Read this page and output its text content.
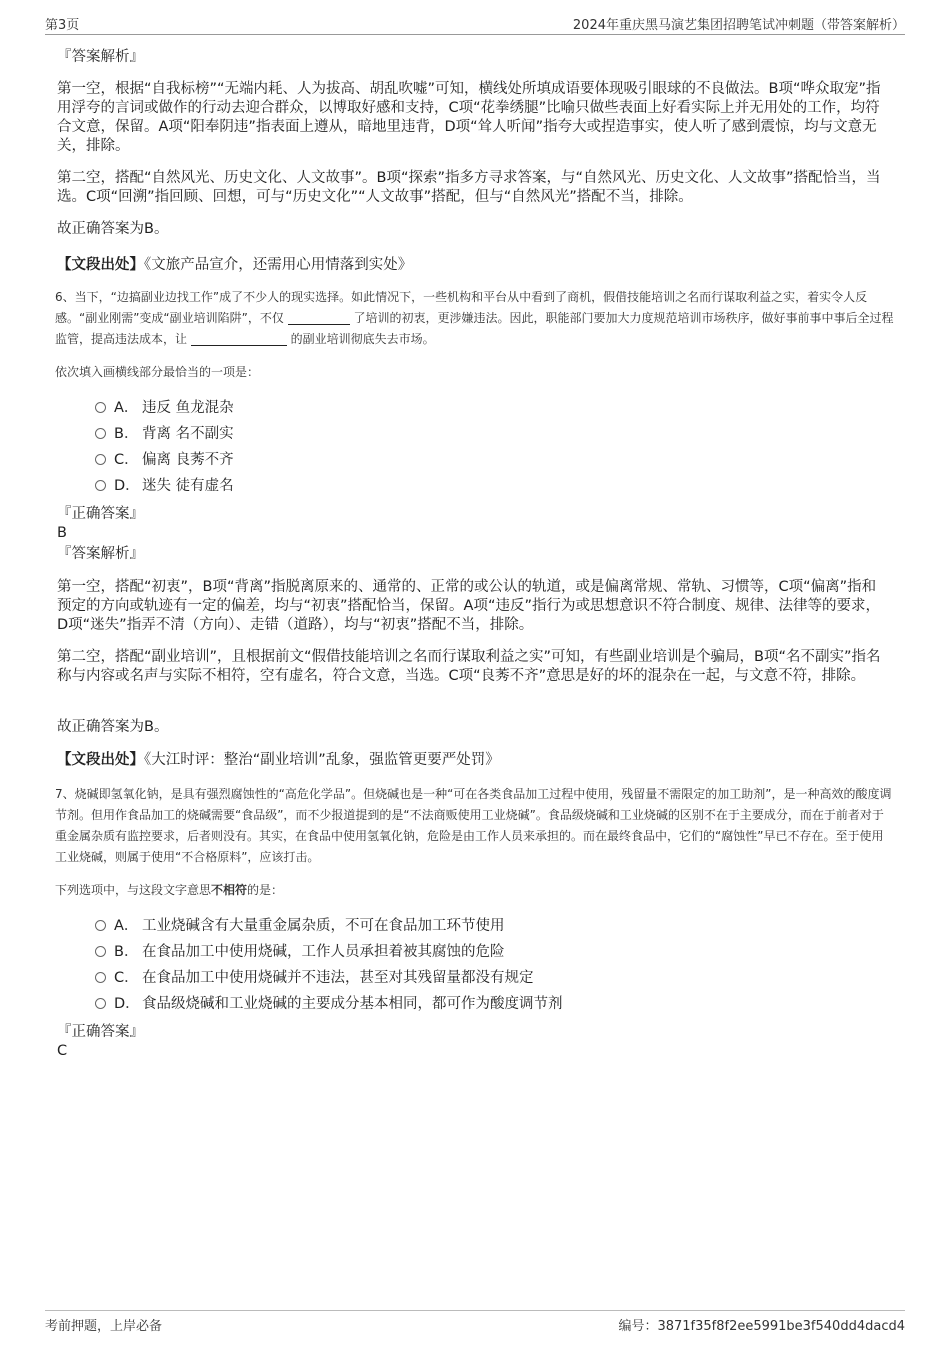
第3页	2024年重庆黑马演艺集团招聘笔试冲刺题（带答案解析）
『答案解析』
第一空，根据“自我标榜”“无端内耗、人为拔高、胡乱吹嘘”可知，横线处所填成语要体现吸引眼球的不良做法。B项“哗众取宠”指用浮夸的言词或做作的行动去迎合群众，以博取好感和支持，C项“花拳绣腿”比喻只做些表面上好看实际上并无用处的工作，均符合文意，保留。A项“阳奉阴违”指表面上遵从，暗地里违背，D项“耸人听闻”指夸大或捏造事实，使人听了感到震惊，均与文意无关，排除。
第二空，搭配“自然风光、历史文化、人文故事”。B项“探索”指多方寻求答案，与“自然风光、历史文化、人文故事”搭配恰当，当选。C项“回溯”指回顾、回想，可与“历史文化”“人文故事”搭配，但与“自然风光”搭配不当，排除。
故正确答案为B。
【文段出处】《文旅产品宣介，还需用心用情落到实处》
6、当下，“边搞副业边找工作”成了不少人的现实选择。如此情况下，一些机构和平台从中看到了商机，假借技能培训之名而行谋取利益之实，着实令人反感。“副业刚需”变成“副业培训陷阱”，不仅	了培训的初衷，更涉嫌违法。因此，职能部门要加大力度规范培训市场秩序，做好事前事中事后全过程监管，提高违法成本，让	的副业培训彻底失去市场。
依次填入画横线部分最恰当的一项是：
A． 违反 鱼龙混杂
B． 背离 名不副实
C． 偏离 良莠不齐
D． 迷失 徒有虚名
『正确答案』
B
『答案解析』
第一空，搭配“初衷”，B项“背离”指脱离原来的、通常的、正常的或公认的轨道，或是偏离常规、常轨、习惯等，C项“偏离”指和预定的方向或轨迹有一定的偏差，均与“初衷”搭配恰当，保留。A项“违反”指行为或思想意识不符合制度、规律、法律等的要求，D项“迷失”指弄不清（方向）、走错（道路），均与“初衷”搭配不当，排除。
第二空，搭配“副业培训”，且根据前文“假借技能培训之名而行谋取利益之实”可知，有些副业培训是个骗局，B项“名不副实”指名称与内容或名声与实际不相符，空有虚名，符合文意，当选。C项“良莠不齐”意思是好的坏的混杂在一起，与文意不符，排除。
故正确答案为B。
【文段出处】《大江时评：整治“副业培训”乱象，强监管更要严处罚》
7、烧碱即氢氧化钠，是具有强烈腐蚀性的“高危化学品”。但烧碱也是一种“可在各类食品加工过程中使用，残留量不需限定的加工助剂”，是一种高效的酸度调节剂。但用作食品加工的烧碱需要“食品级”，而不少报道提到的是“不法商贩使用工业烧碱”。食品级烧碱和工业烧碱的区别不在于主要成分，而在于前者对于重金属杂质有监控要求，后者则没有。其实，在食品中使用氢氧化钠，危险是由工作人员来承担的。而在最终食品中，它们的“腐蚀性”早已不存在。至于使用工业烧碱，则属于使用“不合格原料”，应该打击。
下列选项中，与这段文字意思不相符的是：
A． 工业烧碱含有大量重金属杂质，不可在食品加工环节使用
B． 在食品加工中使用烧碱，工作人员承担着被其腐蚀的危险
C． 在食品加工中使用烧碱并不违法，甚至对其残留量都没有规定
D． 食品级烧碱和工业烧碱的主要成分基本相同，都可作为酸度调节剂
『正确答案』
C
考前押题，上岸必备	编号：3871f35f8f2ee5991be3f540dd4dacd4
